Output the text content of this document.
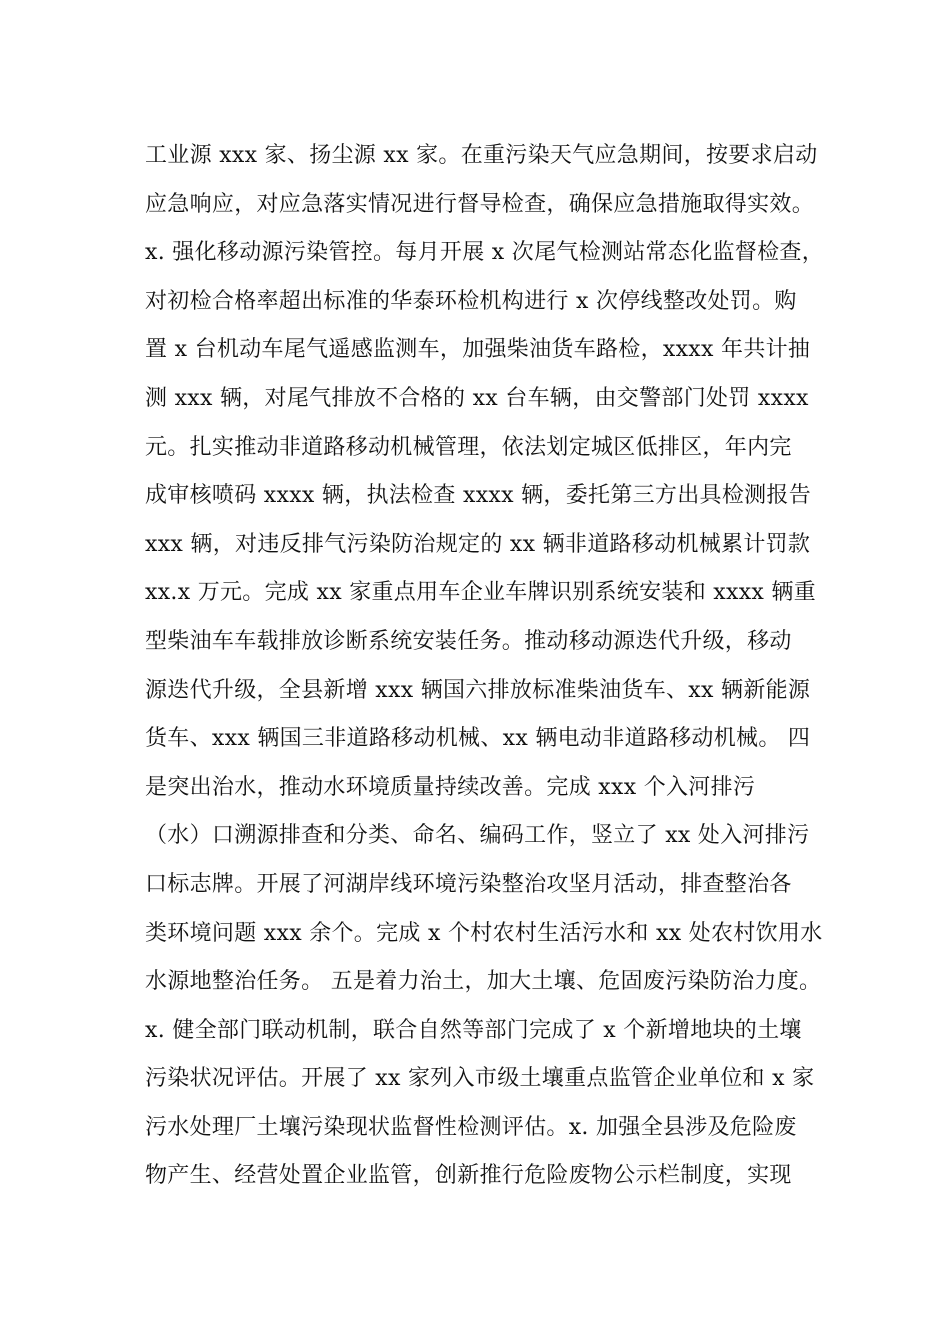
工业源 xxx 家、扬尘源 xx 家。在重污染天气应急期间，按要求启动
应急响应，对应急落实情况进行督导检查，确保应急措施取得实效。
x. 强化移动源污染管控。每月开展 x 次尾气检测站常态化监督检查，
对初检合格率超出标准的华泰环检机构进行 x 次停线整改处罚。购
置 x 台机动车尾气遥感监测车，加强柴油货车路检，xxxx 年共计抽
测 xxx 辆，对尾气排放不合格的 xx 台车辆，由交警部门处罚 xxxx
元。扎实推动非道路移动机械管理，依法划定城区低排区，年内完
成审核喷码 xxxx 辆，执法检查 xxxx 辆，委托第三方出具检测报告
xxx 辆，对违反排气污染防治规定的 xx 辆非道路移动机械累计罚款
xx.x 万元。完成 xx 家重点用车企业车牌识别系统安装和 xxxx 辆重
型柴油车车载排放诊断系统安装任务。推动移动源迭代升级，移动
源迭代升级，全县新增 xxx 辆国六排放标准柴油货车、xx 辆新能源
货车、xxx 辆国三非道路移动机械、xx 辆电动非道路移动机械。 四
是突出治水，推动水环境质量持续改善。完成 xxx 个入河排污
（水）口溯源排查和分类、命名、编码工作，竖立了 xx 处入河排污
口标志牌。开展了河湖岸线环境污染整治攻坚月活动，排查整治各
类环境问题 xxx 余个。完成 x 个村农村生活污水和 xx 处农村饮用水
水源地整治任务。 五是着力治土，加大土壤、危固废污染防治力度。
x. 健全部门联动机制，联合自然等部门完成了 x 个新增地块的土壤
污染状况评估。开展了 xx 家列入市级土壤重点监管企业单位和 x 家
污水处理厂土壤污染现状监督性检测评估。x. 加强全县涉及危险废
物产生、经营处置企业监管，创新推行危险废物公示栏制度，实现
